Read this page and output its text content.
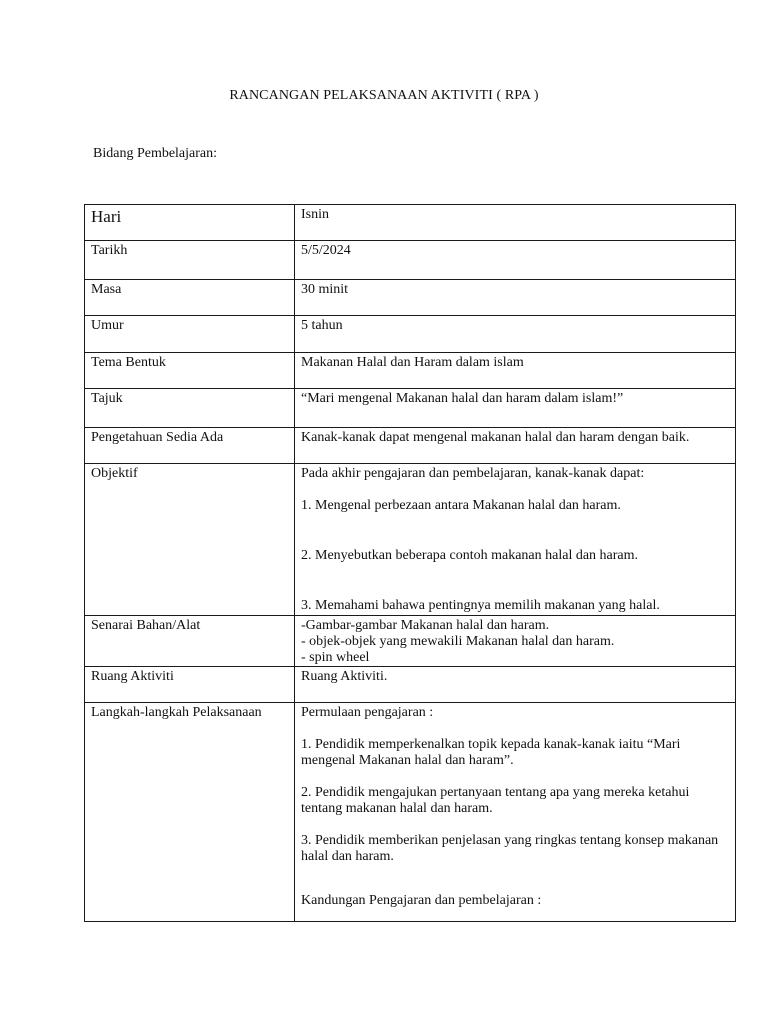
RANCANGAN PELAKSANAAN AKTIVITI ( RPA )
Bidang Pembelajaran:
Hari	Isnin
Tarikh	5/5/2024
Masa	30 minit
Umur	5 tahun
Tema Bentuk	Makanan Halal dan Haram dalam islam
Tajuk	“Mari mengenal Makanan halal dan haram dalam islam!”
Pengetahuan Sedia Ada	Kanak-kanak dapat mengenal makanan halal dan haram dengan baik.
Objektif	Pada akhir pengajaran dan pembelajaran, kanak-kanak dapat:
1. Mengenal perbezaan antara Makanan halal dan haram.
2. Menyebutkan beberapa contoh makanan halal dan haram.
3. Memahami bahawa pentingnya memilih makanan yang halal.

Senarai Bahan/Alat	-Gambar-gambar Makanan halal dan haram.
- objek-objek yang mewakili Makanan halal dan haram.
- spin wheel

Ruang Aktiviti	Ruang Aktiviti.
Langkah-langkah Pelaksanaan	Permulaan pengajaran :
1. Pendidik memperkenalkan topik kepada kanak-kanak iaitu “Mari mengenal Makanan halal dan haram”.
2. Pendidik mengajukan pertanyaan tentang apa yang mereka ketahui tentang makanan halal dan haram.
3. Pendidik memberikan penjelasan yang ringkas tentang konsep makanan halal dan haram.
Kandungan Pengajaran dan pembelajaran :
